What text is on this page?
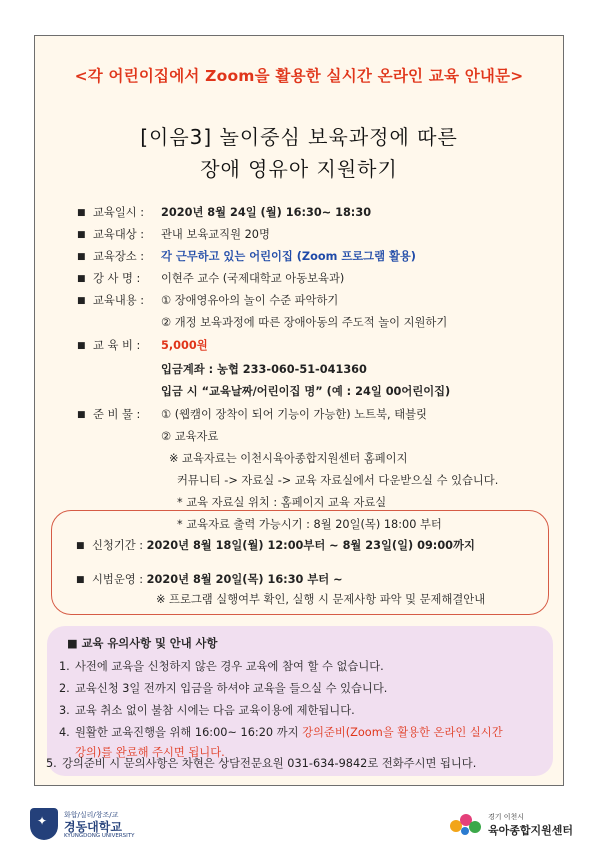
<각 어린이집에서 Zoom을 활용한 실시간 온라인 교육 안내문>
[이음3] 놀이중심 보육과정에 따른
장애 영유아 지원하기
■ 교육일시 : 2020년 8월 24일 (월) 16:30~ 18:30
■ 교육대상 : 관내 보육교직원 20명
■ 교육장소 : 각 근무하고 있는 어린이집 (Zoom 프로그램 활용)
■ 강 사 명 : 이현주 교수 (국제대학교 아동보육과)
■ 교육내용 : ① 장애영유아의 놀이 수준 파악하기
② 개정 보육과정에 따른 장애아동의 주도적 놀이 지원하기
■ 교 육 비 : 5,000원
입금계좌 : 농협 233-060-51-041360
입금 시 “교육날짜/어린이집 명” (예 : 24일 00어린이집)
■ 준 비 물 : ① (웹캠이 장착이 되어 기능이 가능한) 노트북, 태블릿
② 교육자료
※ 교육자료는 이천시육아종합지원센터 홈페이지
커뮤니티 -> 자료실 -> 교육 자료실에서 다운받으실 수 있습니다.
* 교육 자료실 위치 : 홈페이지 교육 자료실
* 교육자료 출력 가능시기 : 8월 20일(목) 18:00 부터
■ 신청기간 : 2020년 8월 18일(월) 12:00부터 ~ 8월 23일(일) 09:00까지
■ 시범운영 : 2020년 8월 20일(목) 16:30 부터 ~
※ 프로그램 실행여부 확인, 실행 시 문제사항 파악 및 문제해결안내
■ 교육 유의사항 및 안내 사항
1. 사전에 교육을 신청하지 않은 경우 교육에 참여 할 수 없습니다.
2. 교육신청 3일 전까지 입금을 하셔야 교육을 들으실 수 있습니다.
3. 교육 취소 없이 불참 시에는 다음 교육이용에 제한됩니다.
4. 원활한 교육진행을 위해 16:00~ 16:20 까지 강의준비(Zoom을 활용한 온라인 실시간
강의)를 완료해 주시면 됩니다.
5. 강의준비 시 문의사항은 차현은 상담전문요원 031-634-9842로 전화주시면 됩니다.
✦ 화합/실리/창조/교
경동대학교
KYUNGDONG UNIVERSITY
경기 이천시
육아종합지원센터
